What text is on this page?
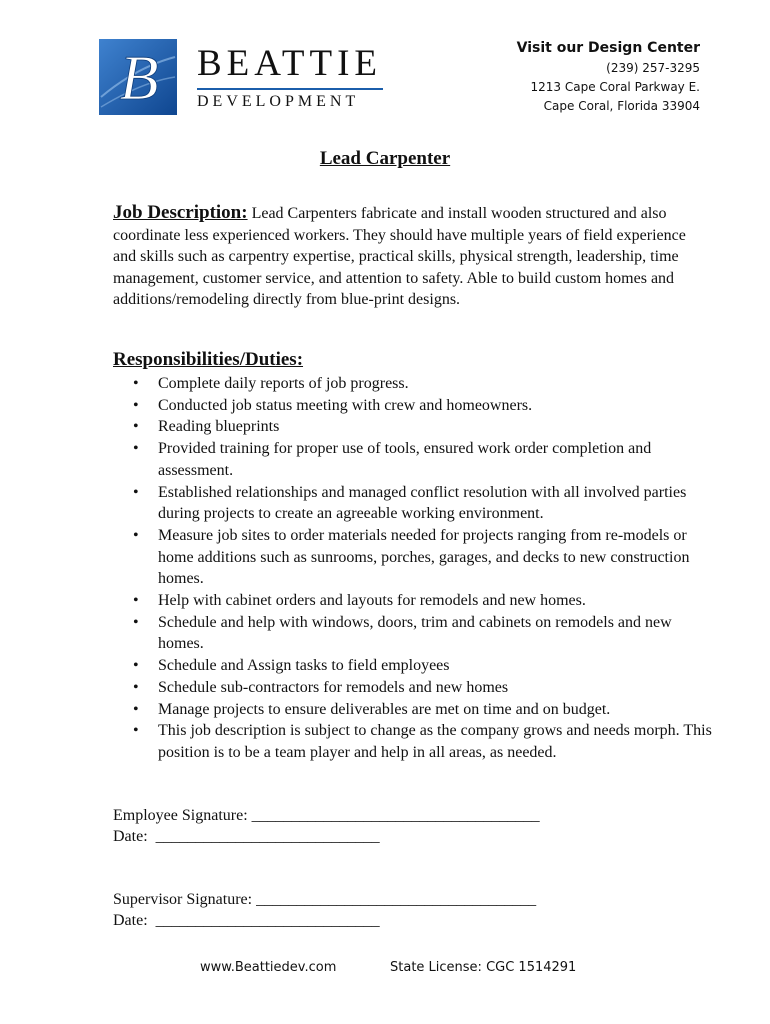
B BEATTIE
DEVELOPMENT
Visit our Design Center
(239) 257-3295
1213 Cape Coral Parkway E.
Cape Coral, Florida 33904
Lead Carpenter
Job Description: Lead Carpenters fabricate and install wooden structured and also coordinate less experienced workers. They should have multiple years of field experience and skills such as carpentry expertise, practical skills, physical strength, leadership, time management, customer service, and attention to safety. Able to build custom homes and additions/remodeling directly from blue-print designs.
Responsibilities/Duties:
• Complete daily reports of job progress.
• Conducted job status meeting with crew and homeowners.
• Reading blueprints
• Provided training for proper use of tools, ensured work order completion and assessment.
• Established relationships and managed conflict resolution with all involved parties during projects to create an agreeable working environment.
• Measure job sites to order materials needed for projects ranging from re-models or home additions such as sunrooms, porches, garages, and decks to new construction homes.
• Help with cabinet orders and layouts for remodels and new homes.
• Schedule and help with windows, doors, trim and cabinets on remodels and new homes.
• Schedule and Assign tasks to field employees
• Schedule sub-contractors for remodels and new homes
• Manage projects to ensure deliverables are met on time and on budget.
• This job description is subject to change as the company grows and needs morph. This position is to be a team player and help in all areas, as needed.
Employee Signature: ____________________________________
Date:  ____________________________
Supervisor Signature: ___________________________________
Date:  ____________________________
www.Beattiedev.com	State License: CGC 1514291
